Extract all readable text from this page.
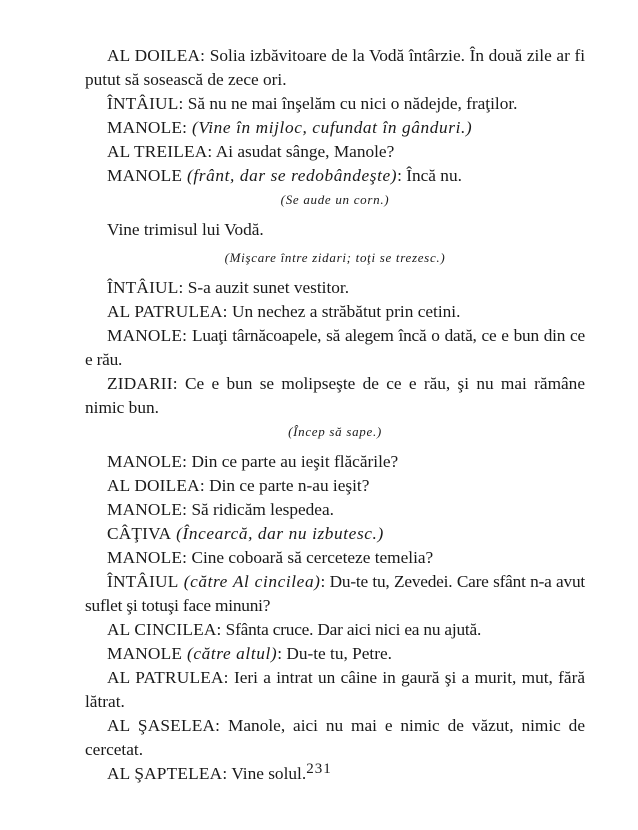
AL DOILEA: Solia izbăvitoare de la Vodă întârzie. În două zile ar fi putut să sosească de zece ori.

ÎNTÂIUL: Să nu ne mai înşelăm cu nici o nădejde, fraţilor.

MANOLE: (Vine în mijloc, cufundat în gânduri.)

AL TREILEA: Ai asudat sânge, Manole?

MANOLE (frânt, dar se redobândeşte): Încă nu.

(Se aude un corn.)

Vine trimisul lui Vodă.

(Mişcare între zidari; toţi se trezesc.)

ÎNTÂIUL: S-a auzit sunet vestitor.

AL PATRULEA: Un nechez a străbătut prin cetini.

MANOLE: Luaţi târnăcoapele, să alegem încă o dată, ce e bun din ce e rău.

ZIDARII: Ce e bun se molipseşte de ce e rău, şi nu mai rămâne nimic bun.

(Încep să sape.)

MANOLE: Din ce parte au ieşit flăcările?

AL DOILEA: Din ce parte n-au ieşit?

MANOLE: Să ridicăm lespedea.

CÂŢIVA (Încearcă, dar nu izbutesc.)

MANOLE: Cine coboară să cerceteze temelia?

ÎNTÂIUL (către Al cincilea): Du-te tu, Zevedei. Care sfânt n-a avut suflet şi totuşi face minuni?

AL CINCILEA: Sfânta cruce. Dar aici nici ea nu ajută.

MANOLE (către altul): Du-te tu, Petre.

AL PATRULEA: Ieri a intrat un câine in gaură şi a murit, mut, fără lătrat.

AL ŞASELEA: Manole, aici nu mai e nimic de văzut, nimic de cercetat.

AL ŞAPTELEA: Vine solul. 231
